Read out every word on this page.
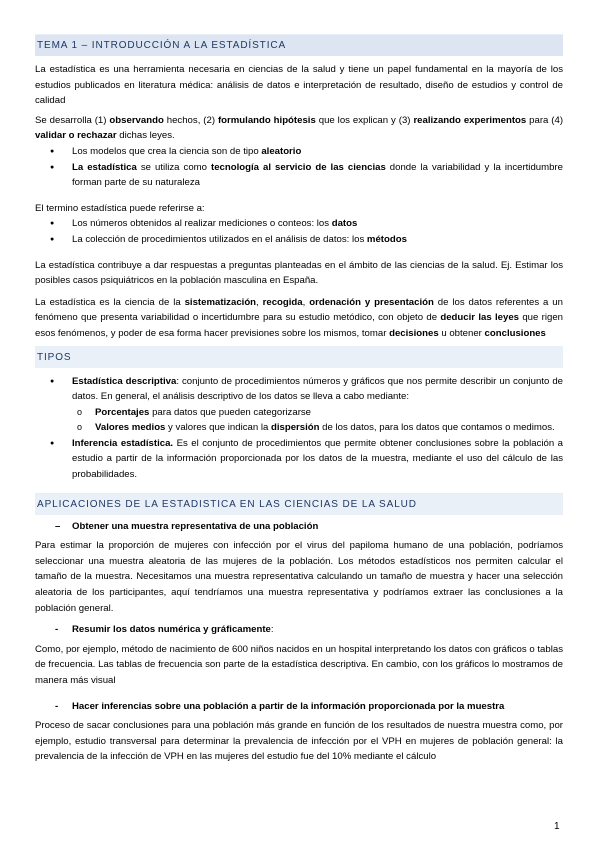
TEMA 1 – INTRODUCCIÓN A LA ESTADÍSTICA

La estadística es una herramienta necesaria en ciencias de la salud y tiene un papel fundamental en la mayoría de los estudios publicados en literatura médica: análisis de datos e interpretación de resultado, diseño de estudios y control de calidad

Se desarrolla (1) observando hechos, (2) formulando hipótesis que los explican y (3) realizando experimentos para (4) validar o rechazar dichas leyes.

● Los modelos que crea la ciencia son de tipo aleatorio
● La estadística se utiliza como tecnología al servicio de las ciencias donde la variabilidad y la incertidumbre forman parte de su naturaleza

El termino estadística puede referirse a:

● Los números obtenidos al realizar mediciones o conteos: los datos
● La colección de procedimientos utilizados en el análisis de datos: los métodos

La estadística contribuye a dar respuestas a preguntas planteadas en el ámbito de las ciencias de la salud. Ej. Estimar los posibles casos psiquiátricos en la población masculina en España.

La estadística es la ciencia de la sistematización, recogida, ordenación y presentación de los datos referentes a un fenómeno que presenta variabilidad o incertidumbre para su estudio metódico, con objeto de deducir las leyes que rigen esos fenómenos, y poder de esa forma hacer previsiones sobre los mismos, tomar decisiones u obtener conclusiones

TIPOS
● Estadística descriptiva: conjunto de procedimientos números y gráficos que nos permite describir un conjunto de datos. En general, el análisis descriptivo de los datos se lleva a cabo mediante:
o Porcentajes para datos que pueden categorizarse
o Valores medios y valores que indican la dispersión de los datos, para los datos que contamos o medimos.
● Inferencia estadística. Es el conjunto de procedimientos que permite obtener conclusiones sobre la población a estudio a partir de la información proporcionada por los datos de la muestra, mediante el uso del cálculo de las probabilidades.
APLICACIONES DE LA ESTADISTICA EN LAS CIENCIAS DE LA SALUD
– Obtener una muestra representativa de una población

Para estimar la proporción de mujeres con infección por el virus del papiloma humano de una población, podríamos seleccionar una muestra aleatoria de las mujeres de la población. Los métodos estadísticos nos permiten calcular el tamaño de la muestra. Necesitamos una muestra representativa calculando un tamaño de muestra y hacer una selección aleatoria de los participantes, aquí tendríamos una muestra representativa y podríamos extraer las conclusiones a la población general.

- Resumir los datos numérica y gráficamente:

Como, por ejemplo, método de nacimiento de 600 niños nacidos en un hospital interpretando los datos con gráficos o tablas de frecuencia. Las tablas de frecuencia son parte de la estadística descriptiva. En cambio, con los gráficos lo mostramos de manera más visual

- Hacer inferencias sobre una población a partir de la información proporcionada por la muestra

Proceso de sacar conclusiones para una población más grande en función de los resultados de nuestra muestra como, por ejemplo, estudio transversal para determinar la prevalencia de infección por el VPH en mujeres de población general: la prevalencia de la infección de VPH en las mujeres del estudio fue del 10% mediante el cálculo

1
